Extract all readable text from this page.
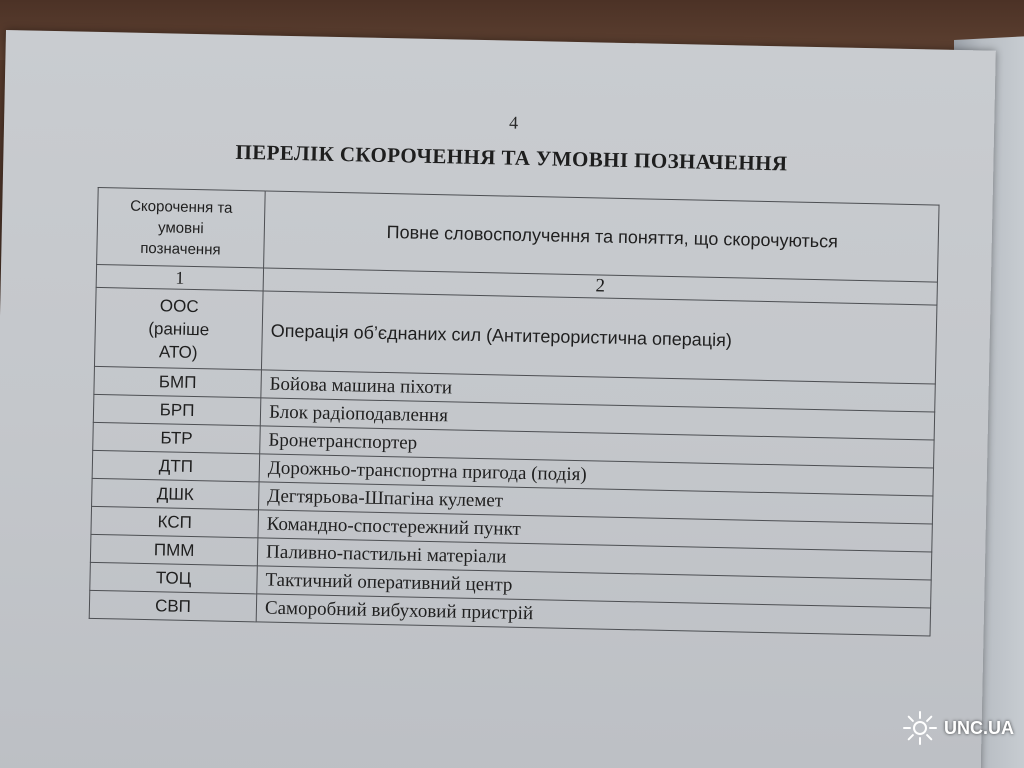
4
ПЕРЕЛІК СКОРОЧЕННЯ ТА УМОВНІ ПОЗНАЧЕННЯ
Скорочення та
умовні
позначення	Повне словосполучення та поняття, що скорочуються
1	2

ООС
(раніше
АТО)	Операція об’єднаних сил (Антитерористична операція)
БМП	Бойова машина піхоти
БРП	Блок радіоподавлення
БТР	Бронетранспортер
ДТП	Дорожньо-транспортна пригода (подія)
ДШК	Дегтярьова-Шпагіна кулемет
КСП	Командно-спостережний пункт
ПММ	Паливно-пастильні матеріали
ТОЦ	Тактичний оперативний центр
СВП	Саморобний вибуховий пристрій
UNC.UA
